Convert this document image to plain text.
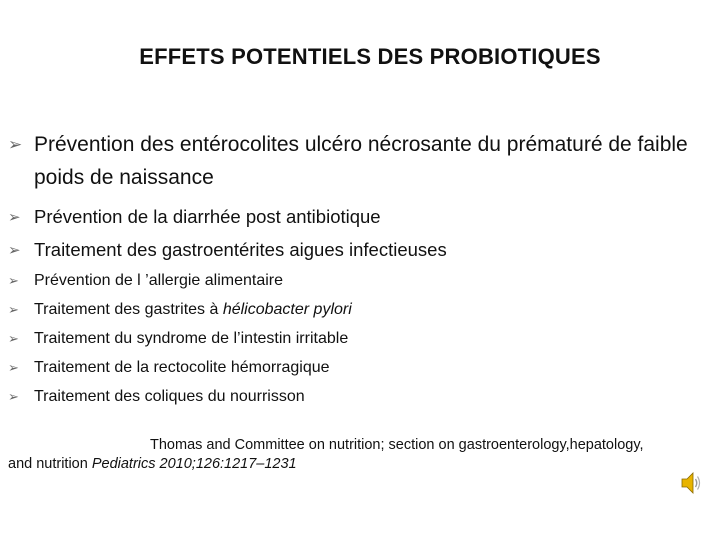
EFFETS POTENTIELS DES PROBIOTIQUES
➢ Prévention des entérocolites ulcéro nécrosante du prématuré de faible poids de naissance
➢ Prévention de la diarrhée post antibiotique
➢ Traitement des gastroentérites aigues infectieuses
➢ Prévention de l ’allergie alimentaire
➢ Traitement des gastrites à hélicobacter pylori
➢ Traitement du syndrome de l’intestin irritable
➢ Traitement de la rectocolite hémorragique
➢ Traitement des coliques du nourrisson
Thomas and Committee on nutrition; section on gastroenterology,hepatology,
and nutrition Pediatrics 2010;126:1217–1231
